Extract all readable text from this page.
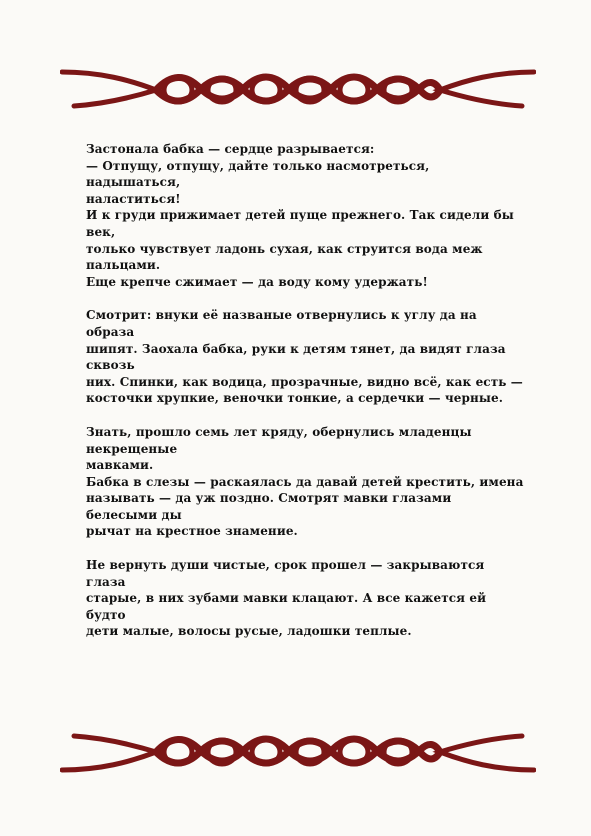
Застонала бабка — сердце разрывается:
— Отпущу, отпущу, дайте только насмотреться, надышаться,
наластиться!
И к груди прижимает детей пуще прежнего. Так сидели бы век,
только чувствует ладонь сухая, как струится вода меж пальцами.
Еще крепче сжимает — да воду кому удержать!

Смотрит: внуки её названые отвернулись к углу да на образа
шипят. Заохала бабка, руки к детям тянет, да видят глаза сквозь
них. Спинки, как водица, прозрачные, видно всё, как есть —
косточки хрупкие, веночки тонкие, а сердечки — черные.

Знать, прошло семь лет кряду, обернулись младенцы некрещеные
мавками.
Бабка в слезы — раскаялась да давай детей крестить, имена
называть — да уж поздно. Смотрят мавки глазами белесыми ды
рычат на крестное знамение.

Не вернуть души чистые, срок прошел — закрываются глаза
старые, в них зубами мавки клацают. А все кажется ей будто
дети малые, волосы русые, ладошки теплые.
